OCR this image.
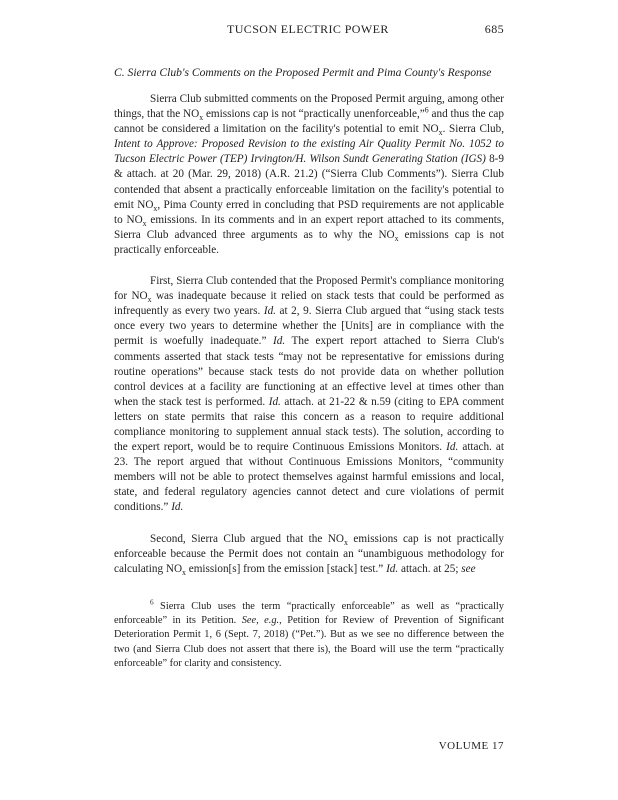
TUCSON ELECTRIC POWER	685
C. Sierra Club's Comments on the Proposed Permit and Pima County's Response

Sierra Club submitted comments on the Proposed Permit arguing, among other things, that the $NO_x$ emissions cap is not “practically unenforceable,”$^6$ and thus the cap cannot be considered a limitation on the facility's potential to emit $NO_x$. Sierra Club, Intent to Approve: Proposed Revision to the existing Air Quality Permit No. 1052 to Tucson Electric Power (TEP) Irvington/H. Wilson Sundt Generating Station (IGS) 8-9 & attach. at 20 (Mar. 29, 2018) (A.R. 21.2) (“Sierra Club Comments”). Sierra Club contended that absent a practically enforceable limitation on the facility's potential to emit $NO_x$, Pima County erred in concluding that PSD requirements are not applicable to $NO_x$ emissions. In its comments and in an expert report attached to its comments, Sierra Club advanced three arguments as to why the $NO_x$ emissions cap is not practically enforceable.

First, Sierra Club contended that the Proposed Permit's compliance monitoring for $NO_x$ was inadequate because it relied on stack tests that could be performed as infrequently as every two years. Id. at 2, 9. Sierra Club argued that “using stack tests once every two years to determine whether the [Units] are in compliance with the permit is woefully inadequate.” Id. The expert report attached to Sierra Club's comments asserted that stack tests “may not be representative for emissions during routine operations” because stack tests do not provide data on whether pollution control devices at a facility are functioning at an effective level at times other than when the stack test is performed. Id. attach. at 21-22 & n.59 (citing to EPA comment letters on state permits that raise this concern as a reason to require additional compliance monitoring to supplement annual stack tests). The solution, according to the expert report, would be to require Continuous Emissions Monitors. Id. attach. at 23. The report argued that without Continuous Emissions Monitors, “community members will not be able to protect themselves against harmful emissions and local, state, and federal regulatory agencies cannot detect and cure violations of permit conditions.” Id.

Second, Sierra Club argued that the $NO_x$ emissions cap is not practically enforceable because the Permit does not contain an “unambiguous methodology for calculating $NO_x$ emission[s] from the emission [stack] test.” Id. attach. at 25; see

$^6$ Sierra Club uses the term “practically enforceable” as well as “practically enforceable” in its Petition. See, e.g., Petition for Review of Prevention of Significant Deterioration Permit 1, 6 (Sept. 7, 2018) (“Pet.”). But as we see no difference between the two (and Sierra Club does not assert that there is), the Board will use the term “practically enforceable” for clarity and consistency.

VOLUME 17
